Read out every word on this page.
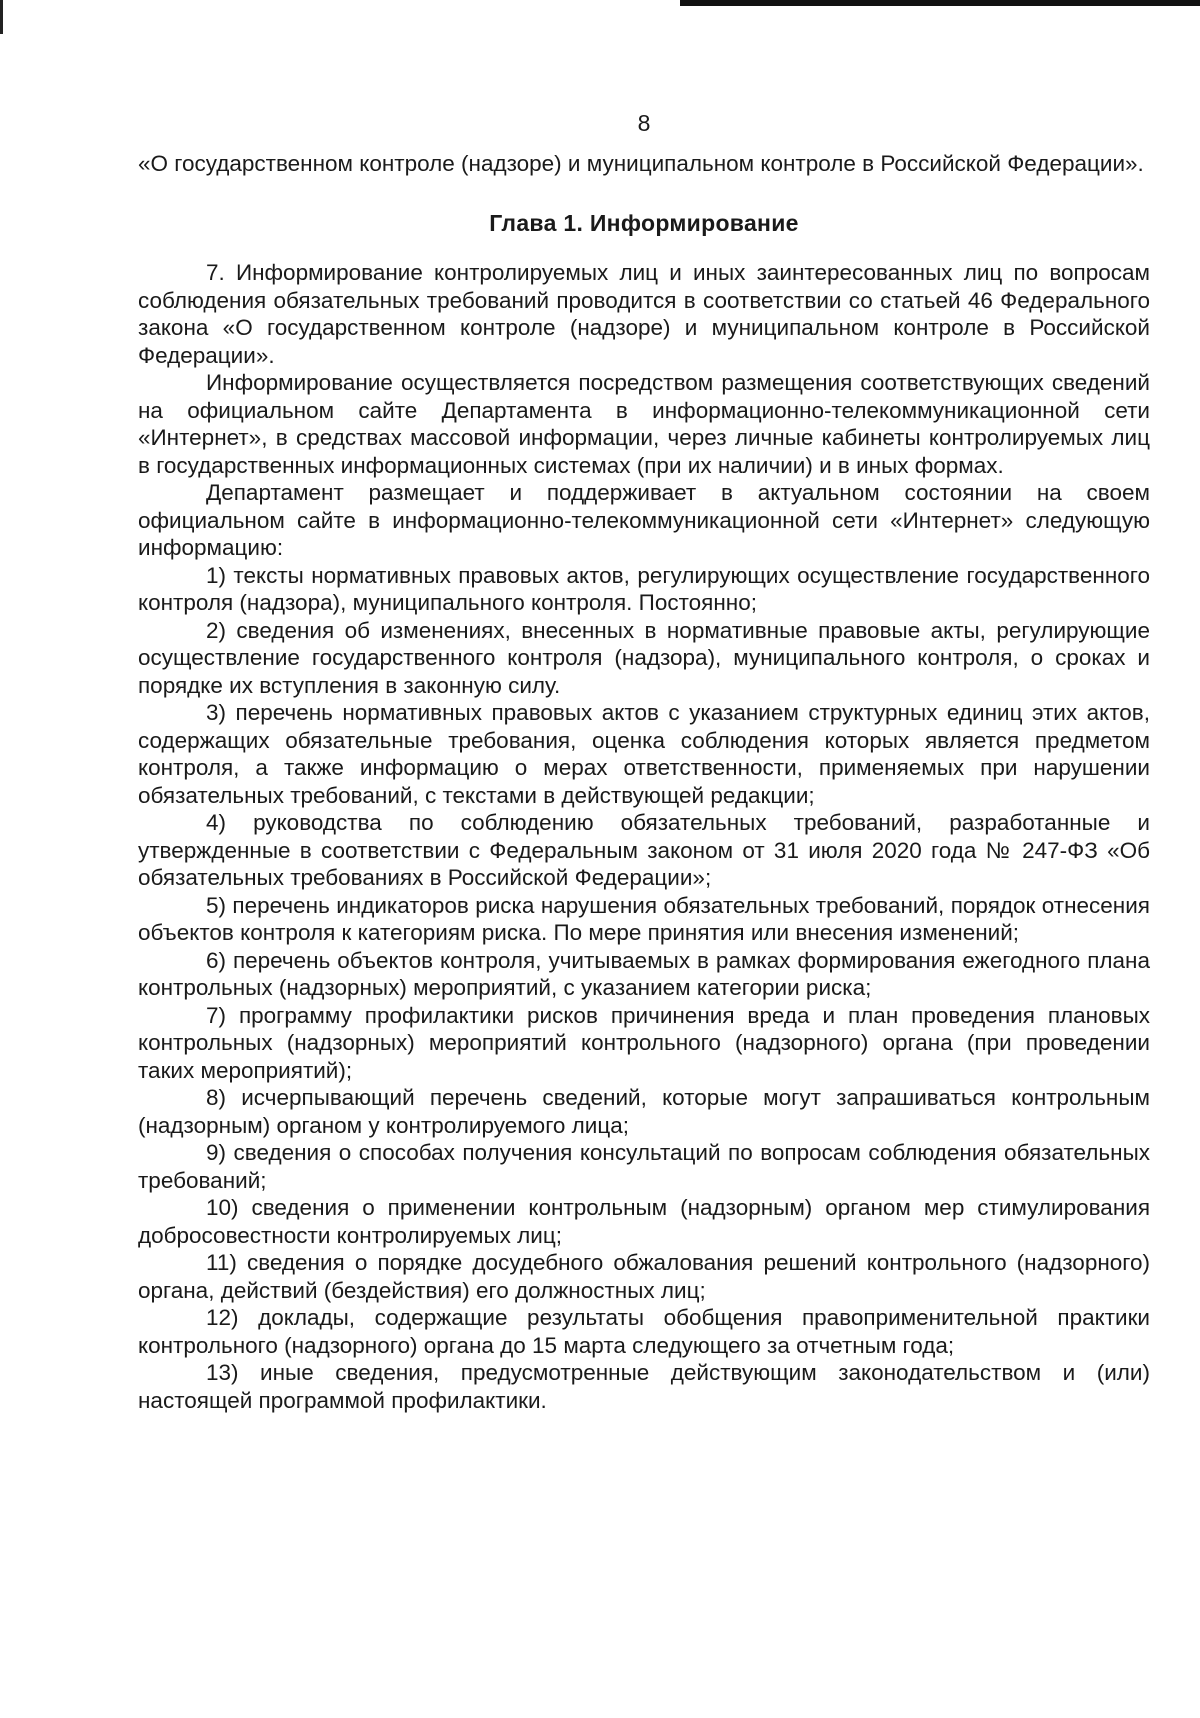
8

«О государственном контроле (надзоре) и муниципальном контроле в Российской Федерации».

Глава 1. Информирование

7. Информирование контролируемых лиц и иных заинтересованных лиц по вопросам соблюдения обязательных требований проводится в соответствии со статьей 46 Федерального закона «О государственном контроле (надзоре) и муниципальном контроле в Российской Федерации».

Информирование осуществляется посредством размещения соответствующих сведений на официальном сайте Департамента в информационно-телекоммуникационной сети «Интернет», в средствах массовой информации, через личные кабинеты контролируемых лиц в государственных информационных системах (при их наличии) и в иных формах.

Департамент размещает и поддерживает в актуальном состоянии на своем официальном сайте в информационно-телекоммуникационной сети «Интернет» следующую информацию:

1) тексты нормативных правовых актов, регулирующих осуществление государственного контроля (надзора), муниципального контроля. Постоянно;

2) сведения об изменениях, внесенных в нормативные правовые акты, регулирующие осуществление государственного контроля (надзора), муниципального контроля, о сроках и порядке их вступления в законную силу.

3) перечень нормативных правовых актов с указанием структурных единиц этих актов, содержащих обязательные требования, оценка соблюдения которых является предметом контроля, а также информацию о мерах ответственности, применяемых при нарушении обязательных требований, с текстами в действующей редакции;

4) руководства по соблюдению обязательных требований, разработанные и утвержденные в соответствии с Федеральным законом от 31 июля 2020 года № 247-ФЗ «Об обязательных требованиях в Российской Федерации»;

5) перечень индикаторов риска нарушения обязательных требований, порядок отнесения объектов контроля к категориям риска. По мере принятия или внесения изменений;

6) перечень объектов контроля, учитываемых в рамках формирования ежегодного плана контрольных (надзорных) мероприятий, с указанием категории риска;

7) программу профилактики рисков причинения вреда и план проведения плановых контрольных (надзорных) мероприятий контрольного (надзорного) органа (при проведении таких мероприятий);

8) исчерпывающий перечень сведений, которые могут запрашиваться контрольным (надзорным) органом у контролируемого лица;

9) сведения о способах получения консультаций по вопросам соблюдения обязательных требований;

10) сведения о применении контрольным (надзорным) органом мер стимулирования добросовестности контролируемых лиц;

11) сведения о порядке досудебного обжалования решений контрольного (надзорного) органа, действий (бездействия) его должностных лиц;

12) доклады, содержащие результаты обобщения правоприменительной практики контрольного (надзорного) органа до 15 марта следующего за отчетным года;

13) иные сведения, предусмотренные действующим законодательством и (или) настоящей программой профилактики.
